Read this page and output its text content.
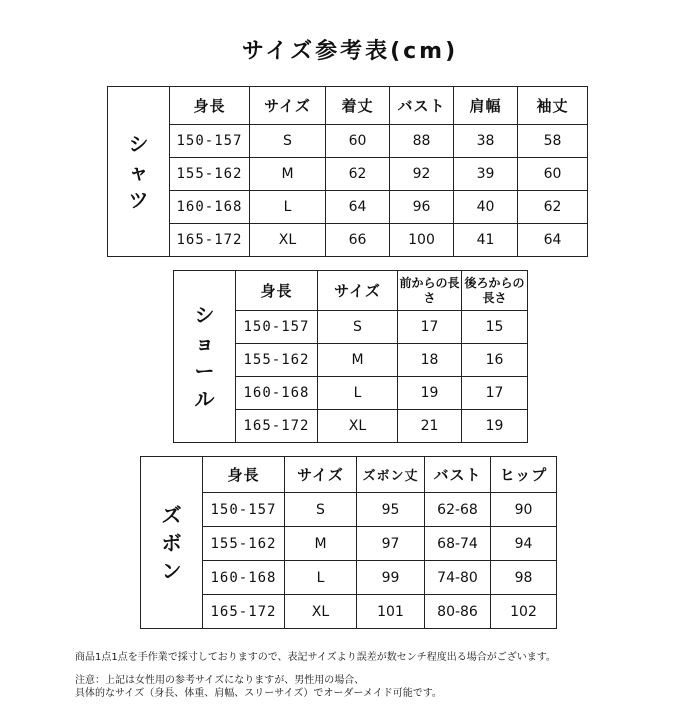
サイズ参考表(cm)
シャツ	身長	サイズ	着丈	バスト	肩幅	袖丈
	150-157	S	60	88	38	58
	155-162	M	62	92	39	60
	160-168	L	64	96	40	62
	165-172	XL	66	100	41	64
ショール	身長	サイズ	前からの長さ	後ろからの長さ
	150-157	S	17	15
	155-162	M	18	16
	160-168	L	19	17
	165-172	XL	21	19
ズボン	身長	サイズ	ズボン丈	バスト	ヒップ
	150-157	S	95	62-68	90
	155-162	M	97	68-74	94
	160-168	L	99	74-80	98
	165-172	XL	101	80-86	102
商品1点1点を手作業で採寸しておりますので、表記サイズより誤差が数センチ程度出る場合がございます。
注意：上記は女性用の参考サイズになりますが、男性用の場合、
具体的なサイズ（身長、体重、肩幅、スリーサイズ）でオーダーメイド可能です。
